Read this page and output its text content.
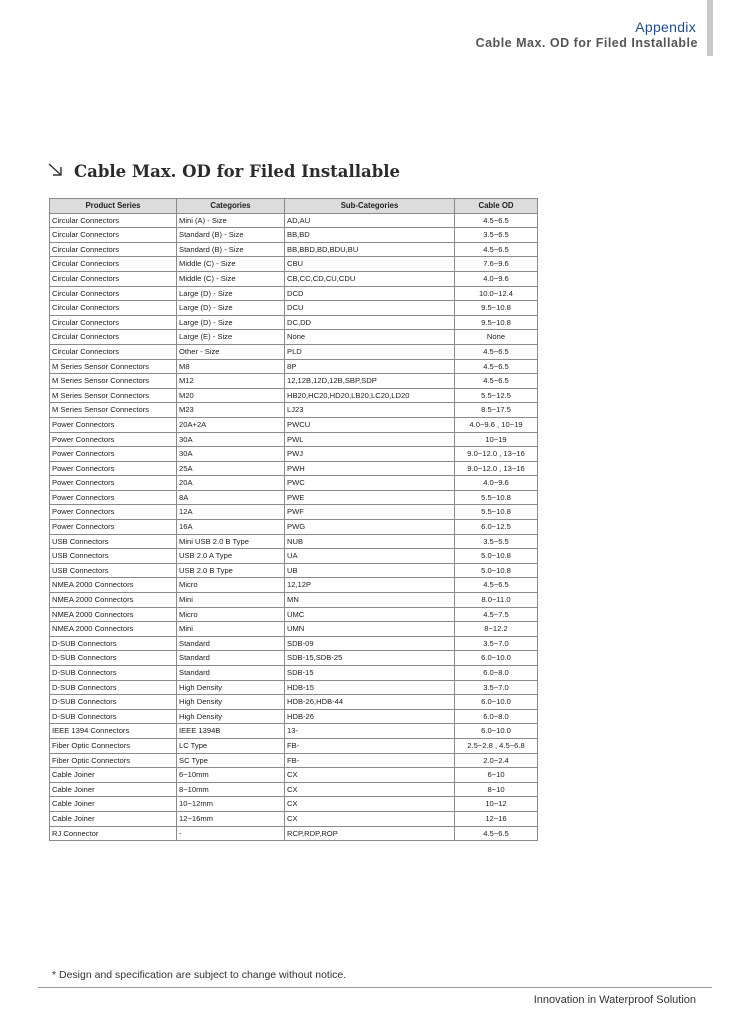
Appendix
Cable Max. OD for Filed Installable
Cable Max. OD for Filed Installable
Product Series	Categories	Sub-Categories	Cable OD
Circular Connectors	Mini (A) - Size	AD,AU	4.5~6.5
Circular Connectors	Standard (B) - Size	BB,BD	3.5~6.5
Circular Connectors	Standard (B) - Size	BB,BBD,BD,BDU,BU	4.5~6.5
Circular Connectors	Middle (C) - Size	CBU	7.6~9.6
Circular Connectors	Middle (C) - Size	CB,CC,CD,CU,CDU	4.0~9.6
Circular Connectors	Large (D) - Size	DCD	10.0~12.4
Circular Connectors	Large (D) - Size	DCU	9.5~10.8
Circular Connectors	Large (D) - Size	DC,DD	9.5~10.8
Circular Connectors	Large (E) - Size	None	None
Circular Connectors	Other - Size	PLD	4.5~6.5
M Series Sensor Connectors	M8	8P	4.5~6.5
M Series Sensor Connectors	M12	12,12B,12D,12B,SBP,SDP	4.5~6.5
M Series Sensor Connectors	M20	HB20,HC20,HD20,LB20,LC20,LD20	5.5~12.5
M Series Sensor Connectors	M23	LJ23	8.5~17.5
Power Connectors	20A+2A	PWCU	4.0~9.6 , 10~19
Power Connectors	30A	PWL	10~19
Power Connectors	30A	PWJ	9.0~12.0 , 13~16
Power Connectors	25A	PWH	9.0~12.0 , 13~16
Power Connectors	20A	PWC	4.0~9.6
Power Connectors	8A	PWE	5.5~10.8
Power Connectors	12A	PWF	5.5~10.8
Power Connectors	16A	PWG	6.0~12.5
USB Connectors	Mini USB 2.0 B Type	NUB	3.5~5.5
USB Connectors	USB 2.0 A Type	UA	5.0~10.8
USB Connectors	USB 2.0 B Type	UB	5.0~10.8
NMEA 2000 Connectors	Micro	12,12P	4.5~6.5
NMEA 2000 Connectors	Mini	MN	8.0~11.0
NMEA 2000 Connectors	Micro	UMC	4.5~7.5
NMEA 2000 Connectors	Mini	UMN	8~12.2
D-SUB Connectors	Standard	SDB-09	3.5~7.0
D-SUB Connectors	Standard	SDB-15,SDB-25	6.0~10.0
D-SUB Connectors	Standard	SDB-15	6.0~8.0
D-SUB Connectors	High Density	HDB-15	3.5~7.0
D-SUB Connectors	High Density	HDB-26,HDB-44	6.0~10.0
D-SUB Connectors	High Density	HDB-26	6.0~8.0
IEEE 1394 Connectors	IEEE 1394B	13-	6.0~10.0
Fiber Optic Connectors	LC Type	FB-	2.5~2.8 , 4.5~6.8
Fiber Optic Connectors	SC Type	FB-	2.0~2.4
Cable Joiner	6~10mm	CX	6~10
Cable Joiner	8~10mm	CX	8~10
Cable Joiner	10~12mm	CX	10~12
Cable Joiner	12~16mm	CX	12~16
RJ Connector	-	RCP,RDP,ROP	4.5~6.5
* Design and specification are subject to change without notice.
Innovation in Waterproof Solution
